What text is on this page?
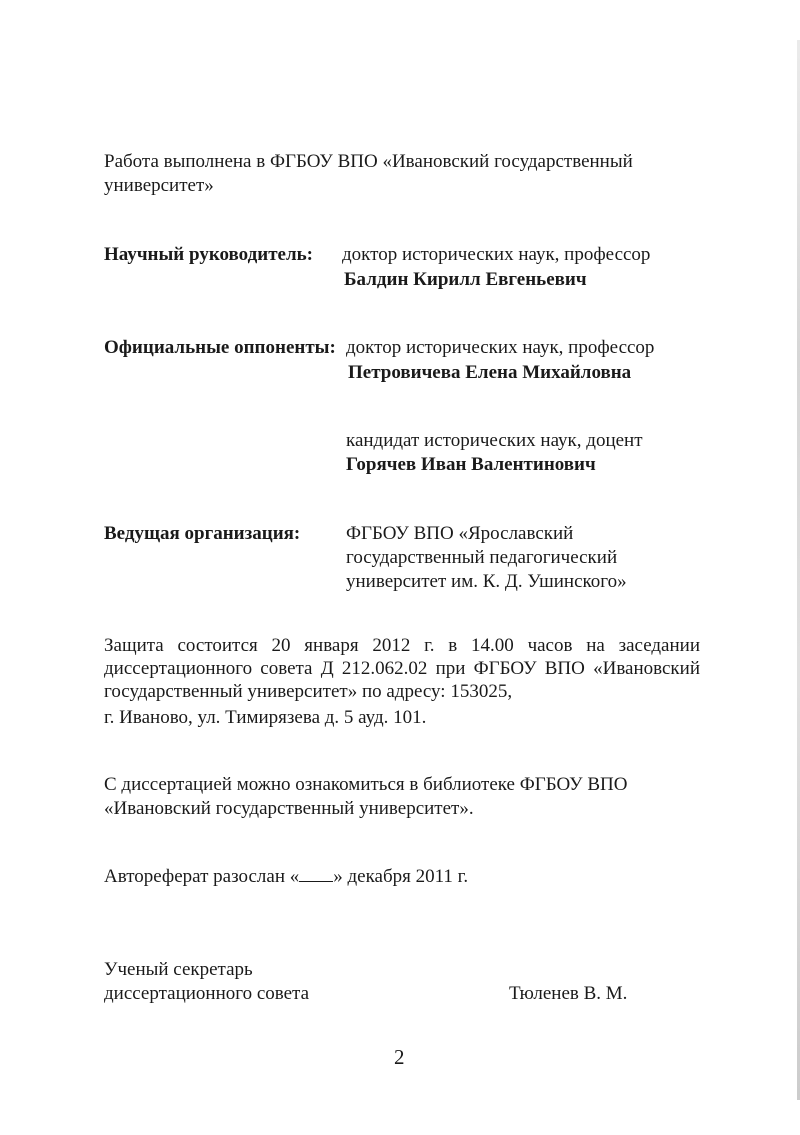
Работа выполнена в ФГБОУ ВПО «Ивановский государственный
университет»
Научный руководитель: доктор исторических наук, профессор
Балдин Кирилл Евгеньевич
Официальные оппоненты: доктор исторических наук, профессор
Петровичева Елена Михайловна
кандидат исторических наук, доцент
Горячев Иван Валентинович
Ведущая организация: ФГБОУ ВПО «Ярославский
государственный педагогический
университет им. К. Д. Ушинского»
Защита состоится 20 января 2012 г. в 14.00 часов на заседании диссертационного совета Д 212.062.02 при ФГБОУ ВПО «Ивановский государственный университет» по адресу: 153025,
г. Иваново, ул. Тимирязева д. 5 ауд. 101.
С диссертацией можно ознакомиться в библиотеке ФГБОУ ВПО
«Ивановский государственный университет».
Автореферат разослан « » декабря 2011 г.
Ученый секретарь
диссертационного совета	Тюленев В. М.
2
